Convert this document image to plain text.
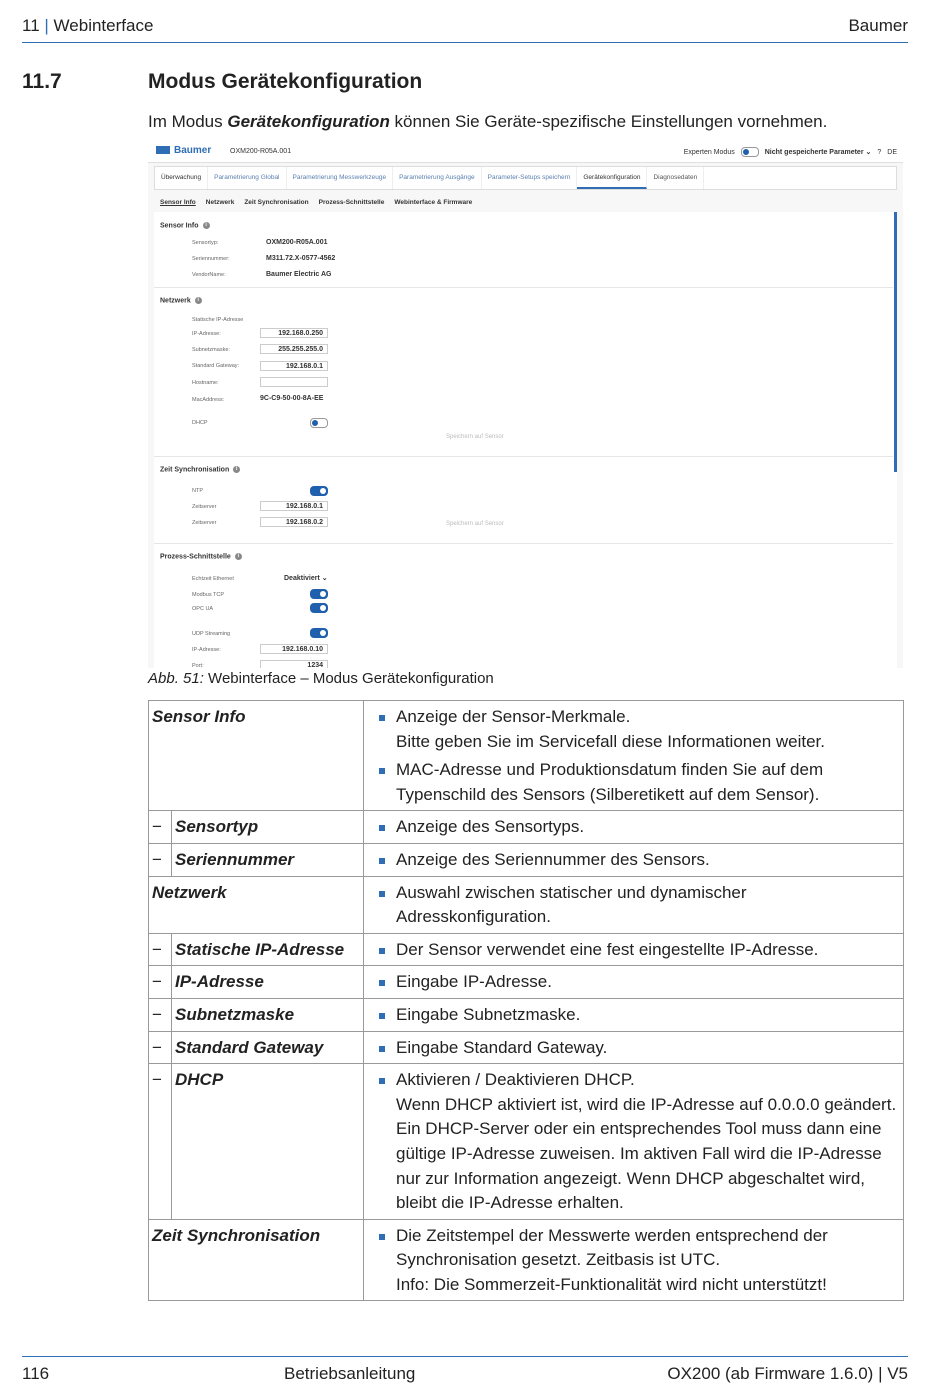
11 | Webinterface	Baumer
11.7	Modus Gerätekonfiguration
Im Modus Gerätekonfiguration können Sie Geräte-spezifische Einstellungen vornehmen.
Baumer	OXM200-R05A.001	Experten Modus	Nicht gespeicherte Parameter ⌄ ? DE
Überwachung	Parametrierung Global	Parametrierung Messwerkzeuge	Parametrierung Ausgänge	Parameter-Setups speichern	Gerätekonfiguration	Diagnosedaten
Sensor Info Netzwerk Zeit Synchronisation Prozess-Schnittstelle Webinterface & Firmware
Sensor Info i
Sensortyp:	OXM200-R05A.001
Seriennummer:	M311.72.X-0577-4562
VendorName:	Baumer Electric AG
Netzwerk i
Statische IP-Adresse
IP-Adresse:	192.168.0.250
Subnetzmaske:	255.255.255.0
Standard Gateway:	192.168.0.1
Hostname:
MacAddress:	9C-C9-50-00-8A-EE
DHCP
Speichern auf Sensor
Zeit Synchronisation i
NTP
Zeitserver	192.168.0.1
Zeitserver	192.168.0.2	Speichern auf Sensor
Prozess-Schnittstelle i
Echtzeit Ethernet	Deaktiviert ⌄
Modbus TCP
OPC UA
UDP Streaming
IP-Adresse:	192.168.0.10
Port:	1234
Abb. 51: Webinterface – Modus Gerätekonfiguration
Sensor Info		Anzeige der Sensor-Merkmale.
Bitte geben Sie im Servicefall diese Informationen weiter.
MAC-Adresse und Produktionsdatum finden Sie auf dem Typenschild des Sensors (Silberetikett auf dem Sensor).

−	Sensortyp	Anzeige des Sensortyps.

−	Seriennummer	Anzeige des Seriennummer des Sensors.

Netzwerk		Auswahl zwischen statischer und dynamischer Adresskonfiguration.

−	Statische IP-Adresse	Der Sensor verwendet eine fest eingestellte IP-Adresse.

−	IP-Adresse	Eingabe IP-Adresse.

−	Subnetzmaske	Eingabe Subnetzmaske.

−	Standard Gateway	Eingabe Standard Gateway.

−	DHCP	Aktivieren / Deaktivieren DHCP.
Wenn DHCP aktiviert ist, wird die IP-Adresse auf 0.0.0.0 geändert. Ein DHCP-Server oder ein entsprechendes Tool muss dann eine gültige IP-Adresse zuweisen. Im aktiven Fall wird die IP-Adresse nur zur Information angezeigt. Wenn DHCP abgeschaltet wird, bleibt die IP-Adresse erhalten.

Zeit Synchronisation		Die Zeitstempel der Messwerte werden entsprechend der Synchronisation gesetzt. Zeitbasis ist UTC.
Info: Die Sommerzeit-Funktionalität wird nicht unterstützt!
116	Betriebsanleitung	OX200 (ab Firmware 1.6.0) | V5
